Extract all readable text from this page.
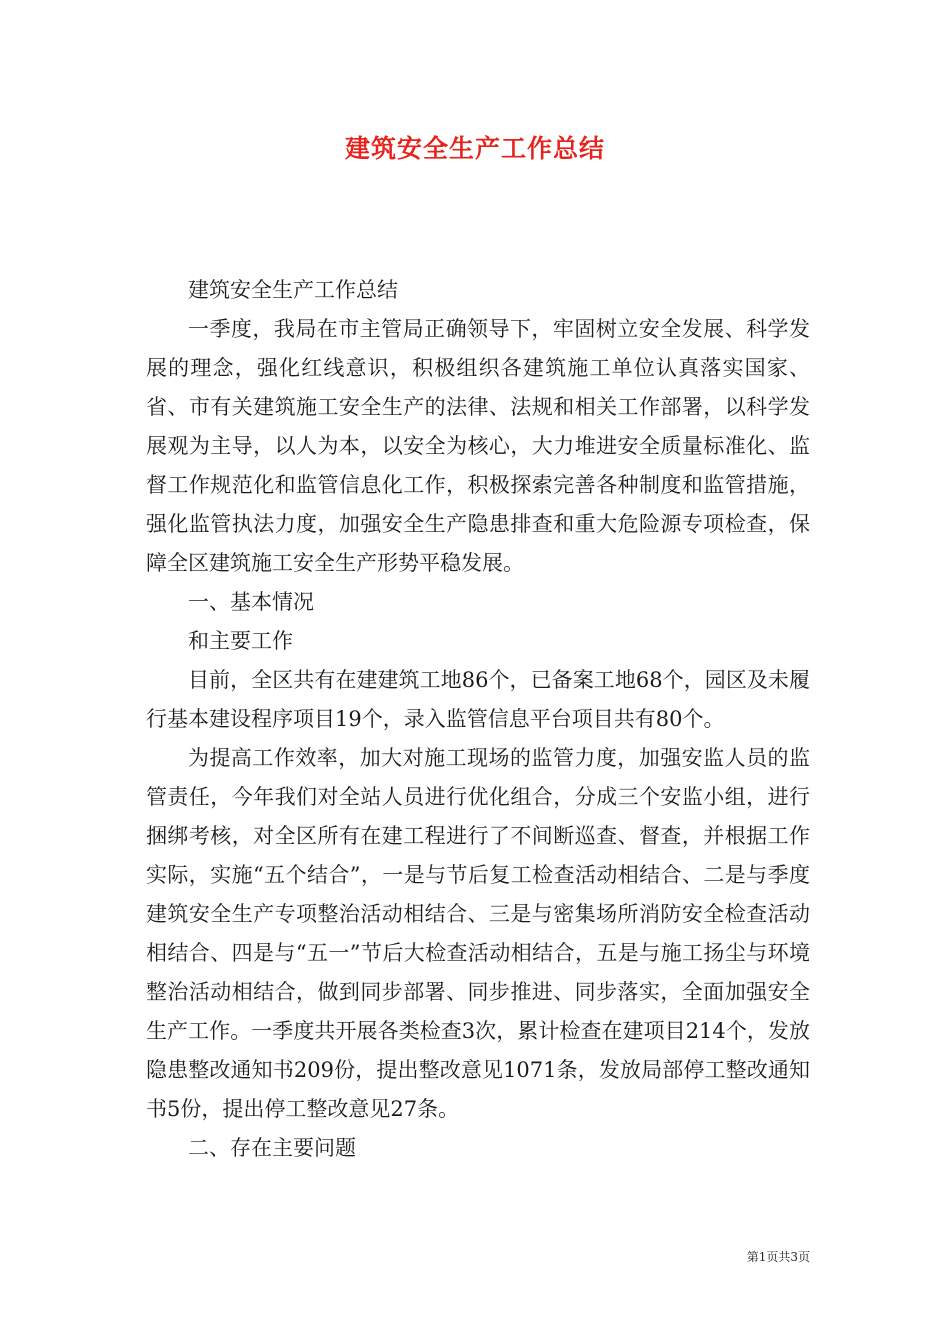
建筑安全生产工作总结

建筑安全生产工作总结

一季度，我局在市主管局正确领导下，牢固树立安全发展、科学发展的理念，强化红线意识，积极组织各建筑施工单位认真落实国家、省、市有关建筑施工安全生产的法律、法规和相关工作部署，以科学发展观为主导，以人为本，以安全为核心，大力堆进安全质量标准化、监督工作规范化和监管信息化工作，积极探索完善各种制度和监管措施，强化监管执法力度，加强安全生产隐患排查和重大危险源专项检查，保障全区建筑施工安全生产形势平稳发展。

一、基本情况

和主要工作

目前，全区共有在建建筑工地86个，已备案工地68个，园区及未履行基本建设程序项目19个，录入监管信息平台项目共有80个。

为提高工作效率，加大对施工现场的监管力度，加强安监人员的监管责任，今年我们对全站人员进行优化组合，分成三个安监小组，进行捆绑考核，对全区所有在建工程进行了不间断巡查、督查，并根据工作实际，实施“五个结合”，一是与节后复工检查活动相结合、二是与季度建筑安全生产专项整治活动相结合、三是与密集场所消防安全检查活动相结合、四是与“五一”节后大检查活动相结合，五是与施工扬尘与环境整治活动相结合，做到同步部署、同步推进、同步落实，全面加强安全生产工作。一季度共开展各类检查3次，累计检查在建项目214个，发放隐患整改通知书209份，提出整改意见1071条，发放局部停工整改通知书5份，提出停工整改意见27条。

二、存在主要问题

第1页共3页
